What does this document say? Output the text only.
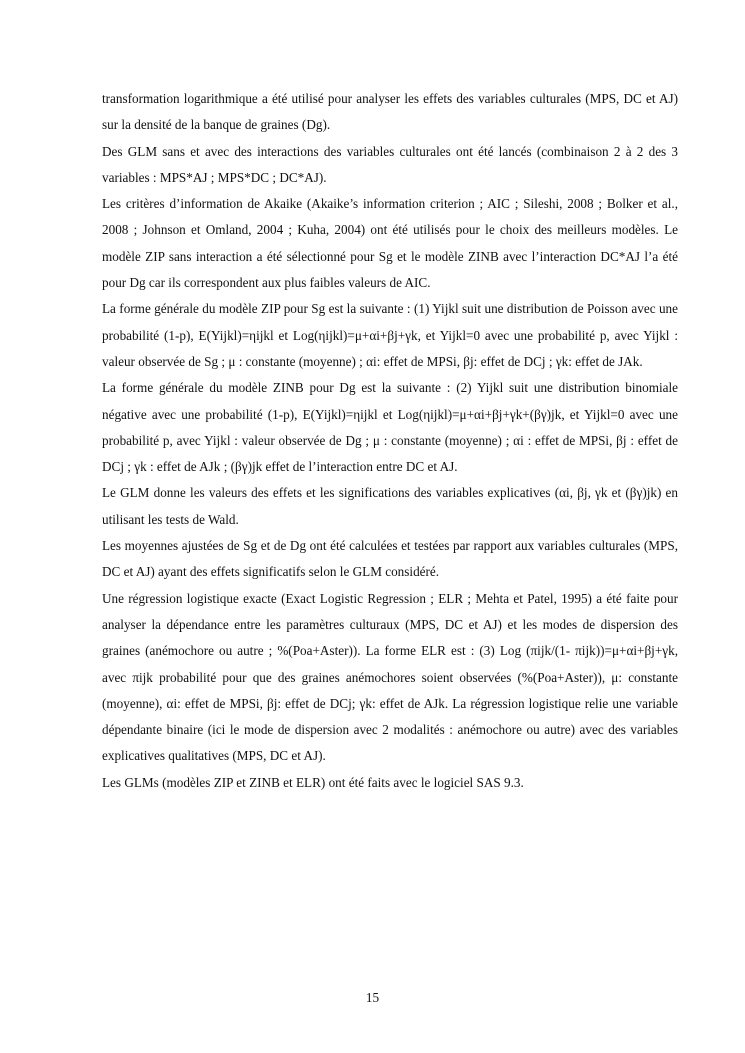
transformation logarithmique a été utilisé pour analyser les effets des variables culturales (MPS, DC et AJ) sur la densité de la banque de graines (Dg).

Des GLM sans et avec des interactions des variables culturales ont été lancés (combinaison 2 à 2 des 3 variables : MPS*AJ ; MPS*DC ; DC*AJ).

Les critères d’information de Akaike (Akaike’s information criterion ; AIC ; Sileshi, 2008 ; Bolker et al., 2008 ; Johnson et Omland, 2004 ; Kuha, 2004) ont été utilisés pour le choix des meilleurs modèles. Le modèle ZIP sans interaction a été sélectionné pour Sg et le modèle ZINB avec l’interaction DC*AJ l’a été pour Dg car ils correspondent aux plus faibles valeurs de AIC.

La forme générale du modèle ZIP pour Sg est la suivante : (1) Yijkl suit une distribution de Poisson avec une probabilité (1-p), E(Yijkl)=ηijkl et Log(ηijkl)=μ+αi+βj+γk, et Yijkl=0 avec une probabilité p, avec Yijkl : valeur observée de Sg ; μ : constante (moyenne) ; αi: effet de MPSi, βj: effet de DCj ; γk: effet de JAk.

La forme générale du modèle ZINB pour Dg est la suivante : (2) Yijkl suit une distribution binomiale négative avec une probabilité (1-p), E(Yijkl)=ηijkl et Log(ηijkl)=μ+αi+βj+γk+(βγ)jk, et Yijkl=0 avec une probabilité p, avec Yijkl : valeur observée de Dg ; μ : constante (moyenne) ; αi : effet de MPSi, βj : effet de DCj ; γk : effet de AJk ; (βγ)jk effet de l’interaction entre DC et AJ.

Le GLM donne les valeurs des effets et les significations des variables explicatives (αi, βj, γk et (βγ)jk) en utilisant les tests de Wald.

Les moyennes ajustées de Sg et de Dg ont été calculées et testées par rapport aux variables culturales (MPS, DC et AJ) ayant des effets significatifs selon le GLM considéré.

Une régression logistique exacte (Exact Logistic Regression ; ELR ; Mehta et Patel, 1995) a été faite pour analyser la dépendance entre les paramètres culturaux (MPS, DC et AJ) et les modes de dispersion des graines (anémochore ou autre ; %(Poa+Aster)). La forme ELR est : (3) Log (πijk/(1- πijk))=μ+αi+βj+γk, avec πijk probabilité pour que des graines anémochores soient observées (%(Poa+Aster)), μ: constante (moyenne), αi: effet de MPSi, βj: effet de DCj; γk: effet de AJk. La régression logistique relie une variable dépendante binaire (ici le mode de dispersion avec 2 modalités : anémochore ou autre) avec des variables explicatives qualitatives (MPS, DC et AJ).

Les GLMs (modèles ZIP et ZINB et ELR) ont été faits avec le logiciel SAS 9.3.

15
